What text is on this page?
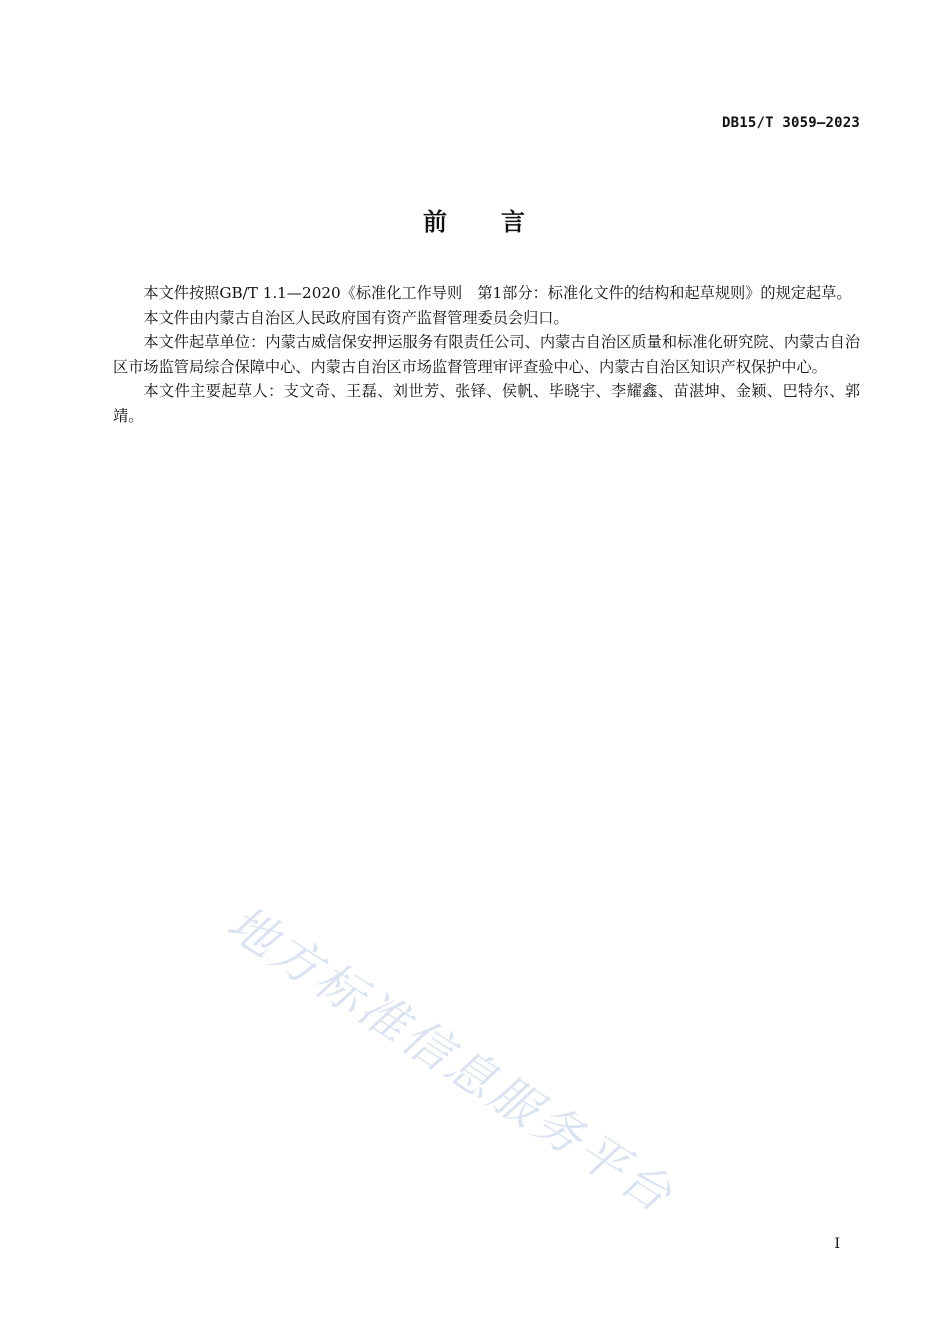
DB15/T 3059—2023
前　　言

本文件按照GB/T 1.1—2020《标准化工作导则　第1部分：标准化文件的结构和起草规则》的规定起草。

本文件由内蒙古自治区人民政府国有资产监督管理委员会归口。

本文件起草单位：内蒙古威信保安押运服务有限责任公司、内蒙古自治区质量和标准化研究院、内蒙古自治区市场监管局综合保障中心、内蒙古自治区市场监督管理审评查验中心、内蒙古自治区知识产权保护中心。

本文件主要起草人：支文奇、王磊、刘世芳、张铎、侯帆、毕晓宇、李耀鑫、苗湛坤、金颖、巴特尔、郭靖。

地方标准信息服务平台
I
